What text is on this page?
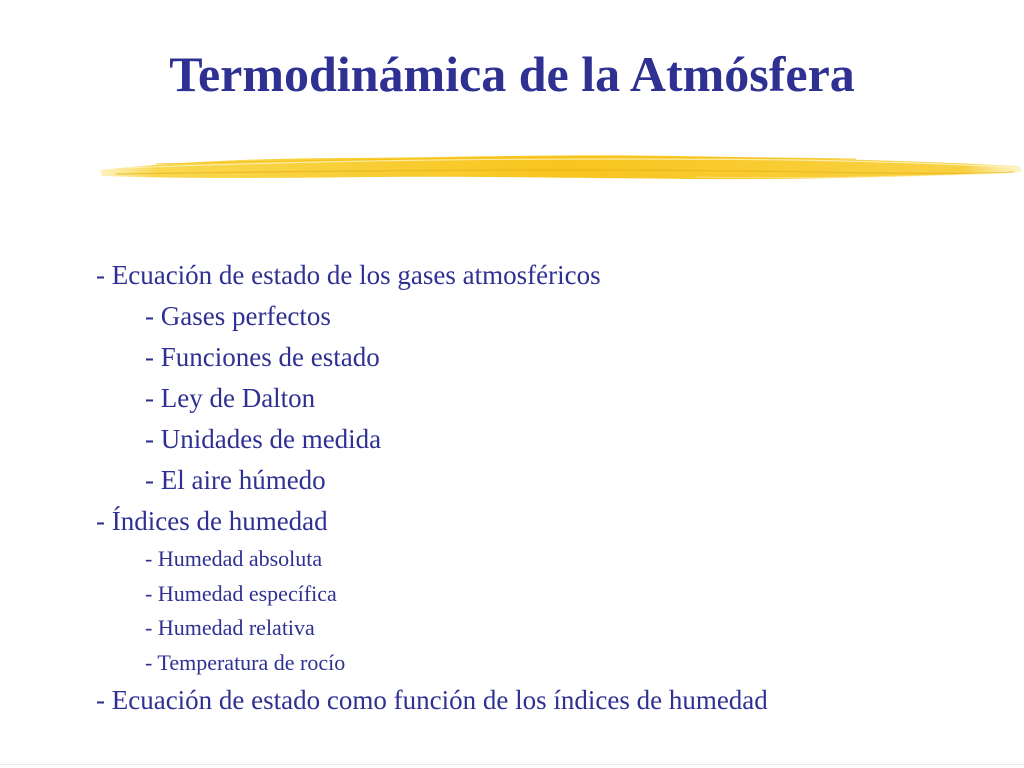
Termodinámica de la Atmósfera
- Ecuación de estado de los gases atmosféricos
- Gases perfectos
- Funciones de estado
- Ley de Dalton
- Unidades de medida
- El aire húmedo
- Índices de humedad
- Humedad absoluta
- Humedad específica
- Humedad relativa
- Temperatura de rocío
- Ecuación de estado como función de los índices de humedad
